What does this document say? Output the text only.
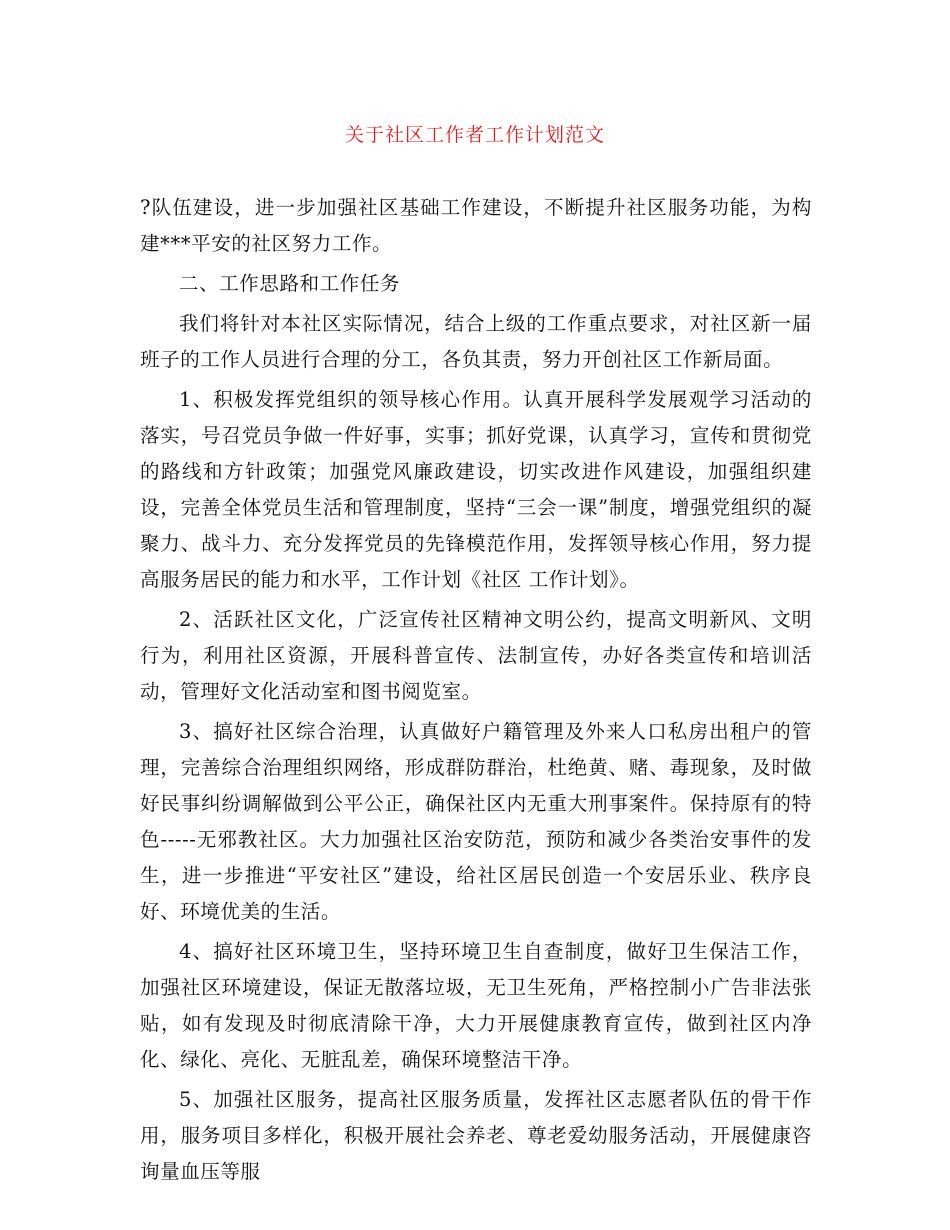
关于社区工作者工作计划范文

?队伍建设，进一步加强社区基础工作建设，不断提升社区服务功能，为构建***平安的社区努力工作。

二、工作思路和工作任务

我们将针对本社区实际情况，结合上级的工作重点要求，对社区新一届班子的工作人员进行合理的分工，各负其责，努力开创社区工作新局面。

1、积极发挥党组织的领导核心作用。认真开展科学发展观学习活动的落实，号召党员争做一件好事，实事；抓好党课，认真学习，宣传和贯彻党的路线和方针政策；加强党风廉政建设，切实改进作风建设，加强组织建设，完善全体党员生活和管理制度，坚持“三会一课”制度，增强党组织的凝聚力、战斗力、充分发挥党员的先锋模范作用，发挥领导核心作用，努力提高服务居民的能力和水平，工作计划《社区 工作计划》。

2、活跃社区文化，广泛宣传社区精神文明公约，提高文明新风、文明行为，利用社区资源，开展科普宣传、法制宣传，办好各类宣传和培训活动，管理好文化活动室和图书阅览室。

3、搞好社区综合治理，认真做好户籍管理及外来人口私房出租户的管理，完善综合治理组织网络，形成群防群治，杜绝黄、赌、毒现象，及时做好民事纠纷调解做到公平公正，确保社区内无重大刑事案件。保持原有的特色-----无邪教社区。大力加强社区治安防范，预防和减少各类治安事件的发生，进一步推进“平安社区”建设，给社区居民创造一个安居乐业、秩序良好、环境优美的生活。

4、搞好社区环境卫生，坚持环境卫生自查制度，做好卫生保洁工作，加强社区环境建设，保证无散落垃圾，无卫生死角，严格控制小广告非法张贴，如有发现及时彻底清除干净，大力开展健康教育宣传，做到社区内净化、绿化、亮化、无脏乱差，确保环境整洁干净。

5、加强社区服务，提高社区服务质量，发挥社区志愿者队伍的骨干作用，服务项目多样化，积极开展社会养老、尊老爱幼服务活动，开展健康咨询量血压等服
